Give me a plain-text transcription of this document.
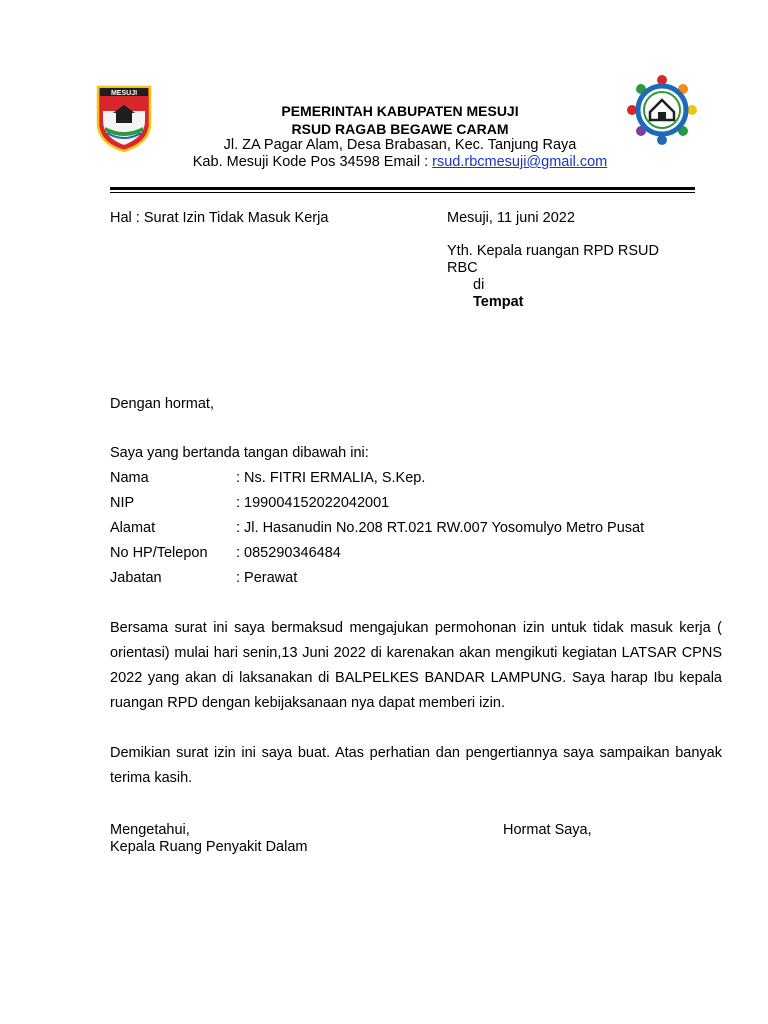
MESUJI
PEMERINTAH KABUPATEN MESUJI
RSUD RAGAB BEGAWE CARAM
Jl. ZA Pagar Alam, Desa Brabasan, Kec. Tanjung Raya
Kab. Mesuji Kode Pos 34598 Email : rsud.rbcmesuji@gmail.com
Hal : Surat Izin Tidak Masuk Kerja	Mesuji, 11 juni 2022
Yth. Kepala ruangan RPD RSUD
RBC
di
Tempat
Dengan hormat,
Saya yang bertanda tangan dibawah ini:
Nama	: Ns. FITRI ERMALIA, S.Kep.
NIP	: 199004152022042001
Alamat	: Jl. Hasanudin No.208 RT.021 RW.007 Yosomulyo Metro Pusat
No HP/Telepon : 085290346484
Jabatan	: Perawat
Bersama surat ini saya bermaksud mengajukan permohonan izin untuk tidak masuk kerja ( orientasi) mulai hari senin,13 Juni 2022 di karenakan akan mengikuti kegiatan LATSAR CPNS 2022 yang akan di laksanakan di BALPELKES BANDAR LAMPUNG. Saya harap Ibu kepala ruangan RPD dengan kebijaksanaan nya dapat memberi izin.
Demikian surat izin ini saya buat. Atas perhatian dan pengertiannya saya sampaikan banyak terima kasih.
Mengetahui,
Kepala Ruang Penyakit Dalam
Hormat Saya,
